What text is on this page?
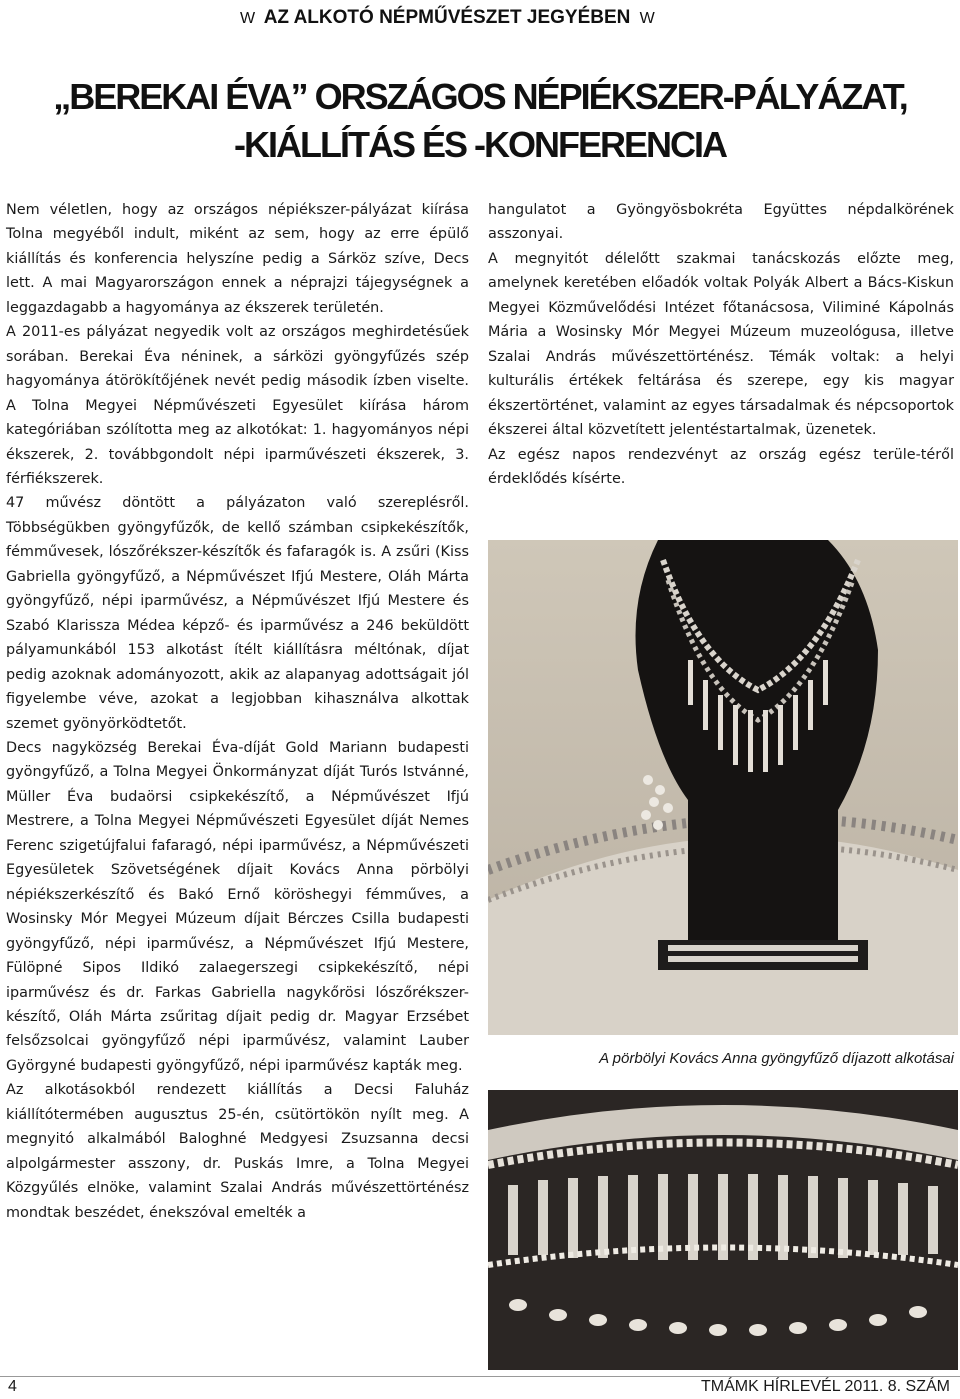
W AZ ALKOTÓ NÉPMŰVÉSZET JEGYÉBEN W
„BEREKAI ÉVA” ORSZÁGOS NÉPIÉKSZER-PÁLYÁZAT,
-KIÁLLÍTÁS ÉS -KONFERENCIA

Nem véletlen, hogy az országos népiékszer-pályázat kiírása Tolna megyéből indult, miként az sem, hogy az erre épülő kiállítás és konferencia helyszíne pedig a Sárköz szíve, Decs lett. A mai Magyarországon ennek a néprajzi tájegységnek a leggazdagabb a hagyománya az ékszerek területén.

A 2011-es pályázat negyedik volt az országos meghirdetésűek sorában. Berekai Éva néninek, a sárközi gyöngyfűzés szép hagyománya átörökítőjének nevét pedig második ízben viselte. A Tolna Megyei Népművészeti Egyesület kiírása három kategóriában szólította meg az alkotókat: 1. hagyományos népi ékszerek, 2. továbbgondolt népi iparművészeti ékszerek, 3. férfiékszerek.

47 művész döntött a pályázaton való szereplésről. Többségükben gyöngyfűzők, de kellő számban csipkekészítők, fémművesek, lószőrékszer-készítők és fafaragók is. A zsűri (Kiss Gabriella gyöngyfűző, a Népművészet Ifjú Mestere, Oláh Márta gyöngyfűző, népi iparművész, a Népművészet Ifjú Mestere és Szabó Klarissza Médea képző- és iparművész a 246 beküldött pályamunkából 153 alkotást ítélt kiállításra méltónak, díjat pedig azoknak adományozott, akik az alapanyag adottságait jól figyelembe véve, azokat a legjobban kihasználva alkottak szemet gyönyörködtetőt.

Decs nagyközség Berekai Éva-díját Gold Mariann budapesti gyöngyfűző, a Tolna Megyei Önkormányzat díját Turós Istvánné, Müller Éva budaörsi csipkekészítő, a Népművészet Ifjú Mestrere, a Tolna Megyei Népművészeti Egyesület díját Nemes Ferenc szigetújfalui fafaragó, népi iparművész, a Népművészeti Egyesületek Szövetségének díjait Kovács Anna pörbölyi népiékszerkészítő és Bakó Ernő köröshegyi fémműves, a Wosinsky Mór Megyei Múzeum díjait Bérczes Csilla budapesti gyöngyfűző, népi iparművész, a Népművészet Ifjú Mestere, Fülöpné Sipos Ildikó zalaegerszegi csipkekészítő, népi iparművész és dr. Farkas Gabriella nagykőrösi lószőrékszer-készítő, Oláh Márta zsűritag díjait pedig dr. Magyar Erzsébet felsőzsolcai gyöngyfűző népi iparművész, valamint Lauber Györgyné budapesti gyöngyfűző, népi iparművész kapták meg.

Az alkotásokból rendezett kiállítás a Decsi Faluház kiállítótermében augusztus 25-én, csütörtökön nyílt meg. A megnyitó alkalmából Baloghné Medgyesi Zsuzsanna decsi alpolgármester asszony, dr. Puskás Imre, a Tolna Megyei Közgyűlés elnöke, valamint Szalai András művészettörténész mondtak beszédet, énekszóval emelték a

hangulatot a Gyöngyösbokréta Együttes népdalkörének asszonyai.

A megnyitót délelőtt szakmai tanácskozás előzte meg, amelynek keretében előadók voltak Polyák Albert a Bács-Kiskun Megyei Közművelődési Intézet főtanácsosa, Viliminé Kápolnás Mária a Wosinsky Mór Megyei Múzeum muzeológusa, illetve Szalai András művészettörténész. Témák voltak: a helyi kulturális értékek feltárása és szerepe, egy kis magyar ékszertörténet, valamint az egyes társadalmak és népcsoportok ékszerei által közvetített jelentéstartalmak, üzenetek.

Az egész napos rendezvényt az ország egész terüle-téről érdeklődés kísérte.

A pörbölyi Kovács Anna gyöngyfűző díjazott alkotásai
4	TMÁMK HÍRLEVÉL 2011. 8. SZÁM
